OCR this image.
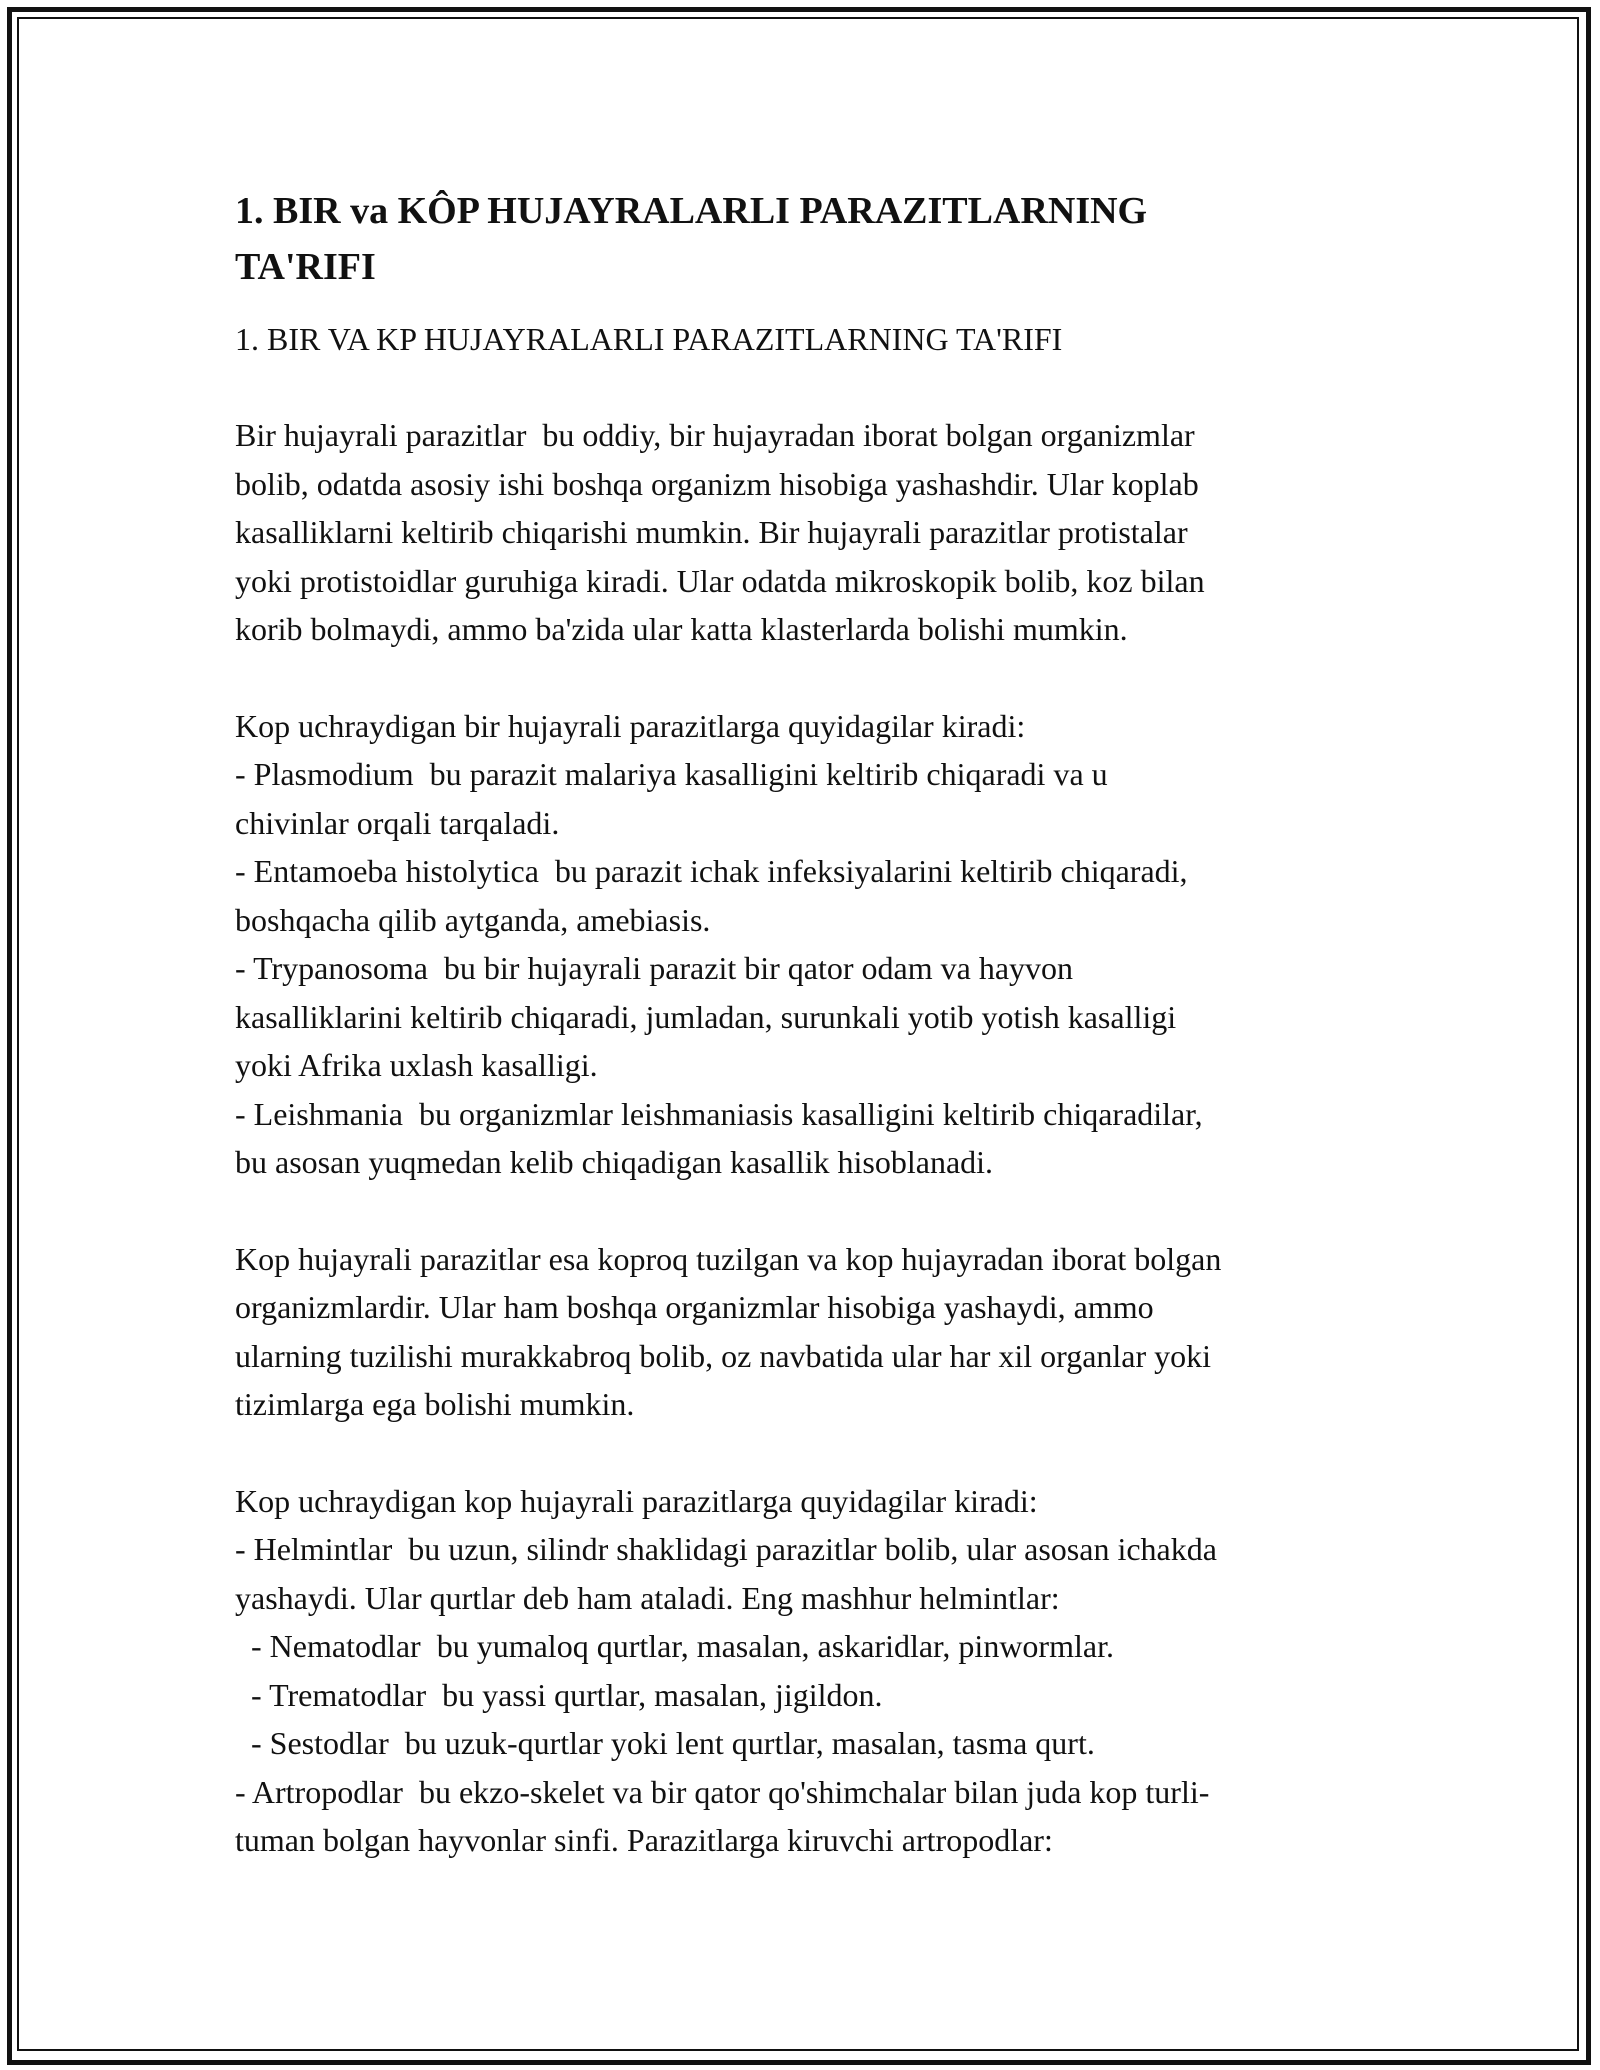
1. BIR va KÔP HUJAYRALARLI PARAZITLARNING
TA'RIFI

1. BIR VA KP HUJAYRALARLI PARAZITLARNING TA'RIFI

Bir hujayrali parazitlar  bu oddiy, bir hujayradan iborat bolgan organizmlar
bolib, odatda asosiy ishi boshqa organizm hisobiga yashashdir. Ular koplab
kasalliklarni keltirib chiqarishi mumkin. Bir hujayrali parazitlar protistalar
yoki protistoidlar guruhiga kiradi. Ular odatda mikroskopik bolib, koz bilan
korib bolmaydi, ammo ba'zida ular katta klasterlarda bolishi mumkin.

Kop uchraydigan bir hujayrali parazitlarga quyidagilar kiradi:
- Plasmodium  bu parazit malariya kasalligini keltirib chiqaradi va u
chivinlar orqali tarqaladi.
- Entamoeba histolytica  bu parazit ichak infeksiyalarini keltirib chiqaradi,
boshqacha qilib aytganda, amebiasis.
- Trypanosoma  bu bir hujayrali parazit bir qator odam va hayvon
kasalliklarini keltirib chiqaradi, jumladan, surunkali yotib yotish kasalligi
yoki Afrika uxlash kasalligi.
- Leishmania  bu organizmlar leishmaniasis kasalligini keltirib chiqaradilar,
bu asosan yuqmedan kelib chiqadigan kasallik hisoblanadi.

Kop hujayrali parazitlar esa koproq tuzilgan va kop hujayradan iborat bolgan
organizmlardir. Ular ham boshqa organizmlar hisobiga yashaydi, ammo
ularning tuzilishi murakkabroq bolib, oz navbatida ular har xil organlar yoki
tizimlarga ega bolishi mumkin.

Kop uchraydigan kop hujayrali parazitlarga quyidagilar kiradi:
- Helmintlar  bu uzun, silindr shaklidagi parazitlar bolib, ular asosan ichakda
yashaydi. Ular qurtlar deb ham ataladi. Eng mashhur helmintlar:
- Nematodlar  bu yumaloq qurtlar, masalan, askaridlar, pinwormlar.
- Trematodlar  bu yassi qurtlar, masalan, jigildon.
- Sestodlar  bu uzuk-qurtlar yoki lent qurtlar, masalan, tasma qurt.
- Artropodlar  bu ekzo-skelet va bir qator qo'shimchalar bilan juda kop turli-
tuman bolgan hayvonlar sinfi. Parazitlarga kiruvchi artropodlar:
